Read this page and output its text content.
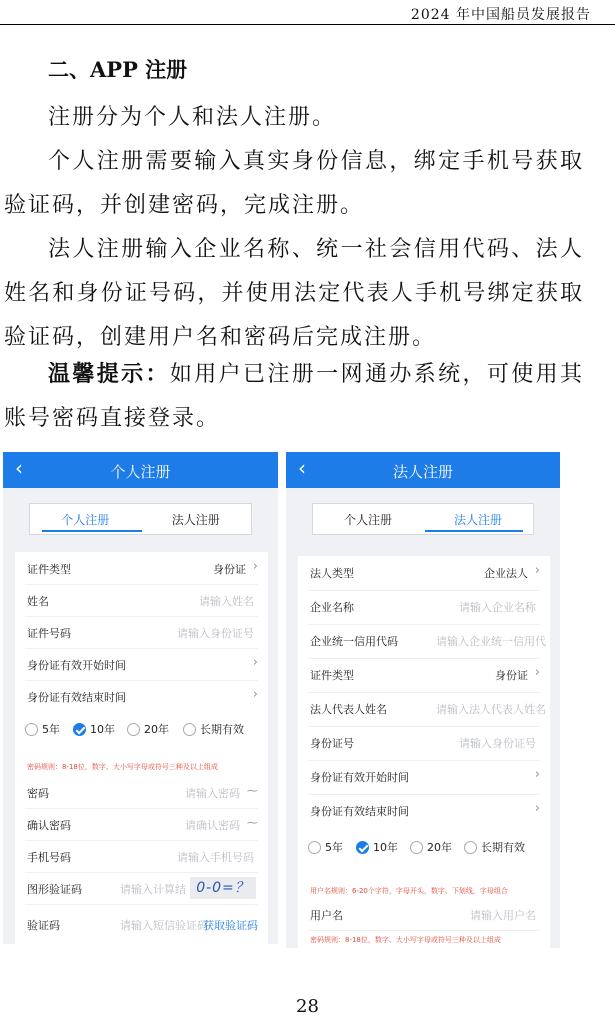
2024 年中国船员发展报告
二、APP 注册
注册分为个人和法人注册。
个人注册需要输入真实身份信息，绑定手机号获取验证码，并创建密码，完成注册。
法人注册输入企业名称、统一社会信用代码、法人姓名和身份证号码，并使用法定代表人手机号绑定获取验证码，创建用户名和密码后完成注册。
温馨提示：如用户已注册一网通办系统，可使用其账号密码直接登录。
‹	个人注册
个人注册	法人注册
证件类型	身份证 ›
姓名	请输入姓名
证件号码	请输入身份证号
身份证有效开始时间	›
身份证有效结束时间	›
5年	10年	20年	长期有效
密码规则：8-18位，数字、大小写字母或符号三种及以上组成
密码	请输入密码 ⁓
确认密码	请确认密码 ⁓
手机号码	请输入手机号码
图形验证码	请输入计算结 0-0=？
验证码	请输入短信验证码
获取验证码
‹	法人注册
个人注册	法人注册
法人类型	企业法人 ›
企业名称	请输入企业名称
企业统一信用代码	请输入企业统一信用代
证件类型	身份证 ›
法人代表人姓名	请输入法人代表人姓名
身份证号	请输入身份证号
身份证有效开始时间	›
身份证有效结束时间	›
5年	10年	20年	长期有效
用户名规则：6-20个字符，字母开头，数字、下划线，字母组合
用户名	请输入用户名
密码规则：8-18位，数字、大小写字母或符号三种及以上组成
28
